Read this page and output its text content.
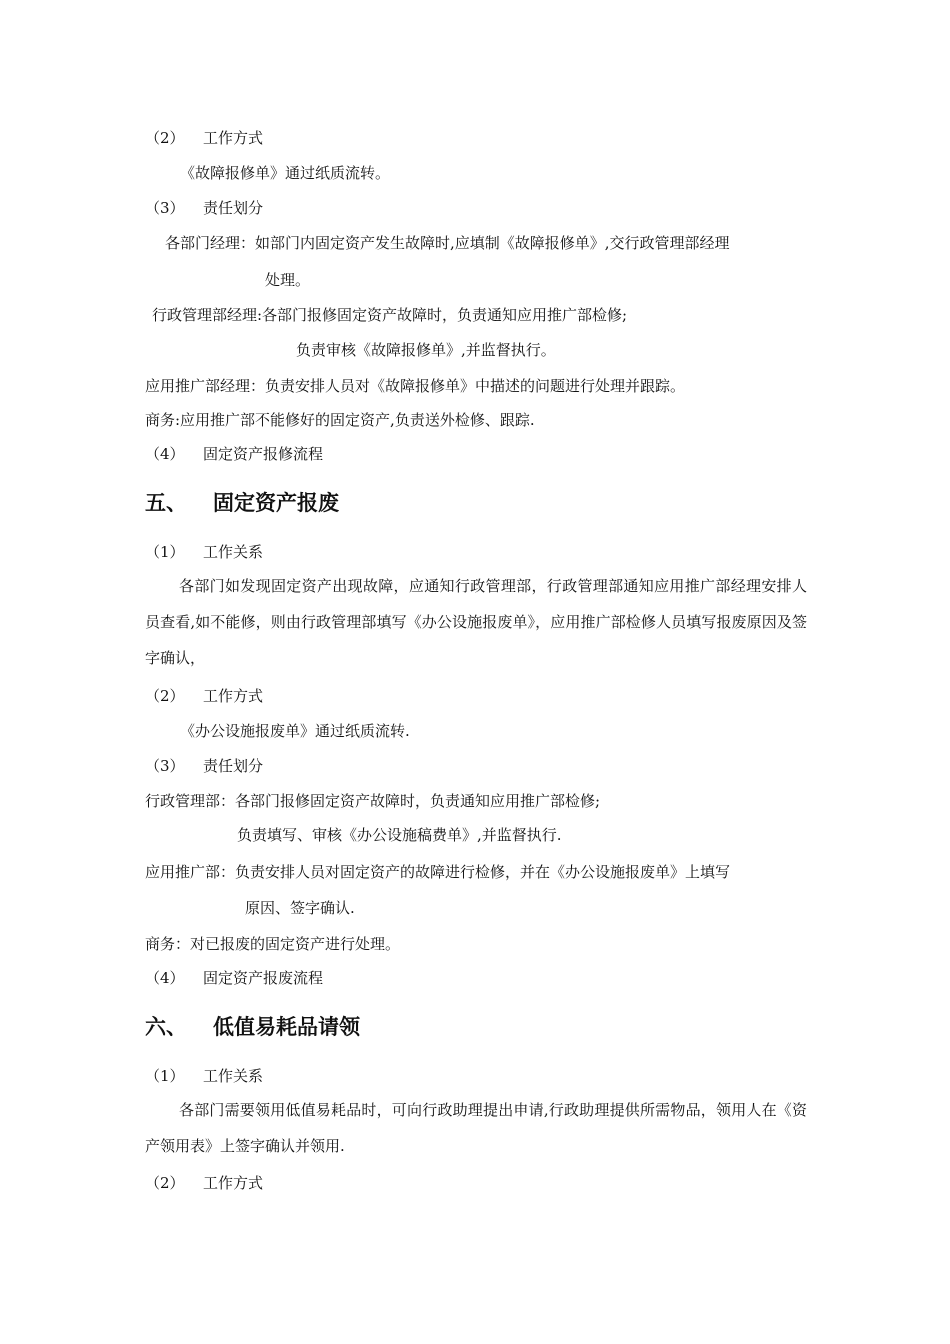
（2） 工作方式
《故障报修单》通过纸质流转。
（3） 责任划分
各部门经理：如部门内固定资产发生故障时,应填制《故障报修单》,交行政管理部经理
处理。
行政管理部经理:各部门报修固定资产故障时，负责通知应用推广部检修;
负责审核《故障报修单》,并监督执行。
应用推广部经理：负责安排人员对《故障报修单》中描述的问题进行处理并跟踪。
商务:应用推广部不能修好的固定资产,负责送外检修、跟踪.
（4） 固定资产报修流程
五、 固定资产报废
（1） 工作关系
各部门如发现固定资产出现故障，应通知行政管理部，行政管理部通知应用推广部经理安排人员查看,如不能修，则由行政管理部填写《办公设施报废单》，应用推广部检修人员填写报废原因及签字确认，
（2） 工作方式
《办公设施报废单》通过纸质流转.
（3） 责任划分
行政管理部：各部门报修固定资产故障时，负责通知应用推广部检修;
负责填写、审核《办公设施稿费单》,并监督执行.
应用推广部：负责安排人员对固定资产的故障进行检修，并在《办公设施报废单》上填写
原因、签字确认.
商务：对已报废的固定资产进行处理。
（4） 固定资产报废流程
六、 低值易耗品请领
（1） 工作关系
各部门需要领用低值易耗品时，可向行政助理提出申请,行政助理提供所需物品，领用人在《资产领用表》上签字确认并领用.
（2） 工作方式
